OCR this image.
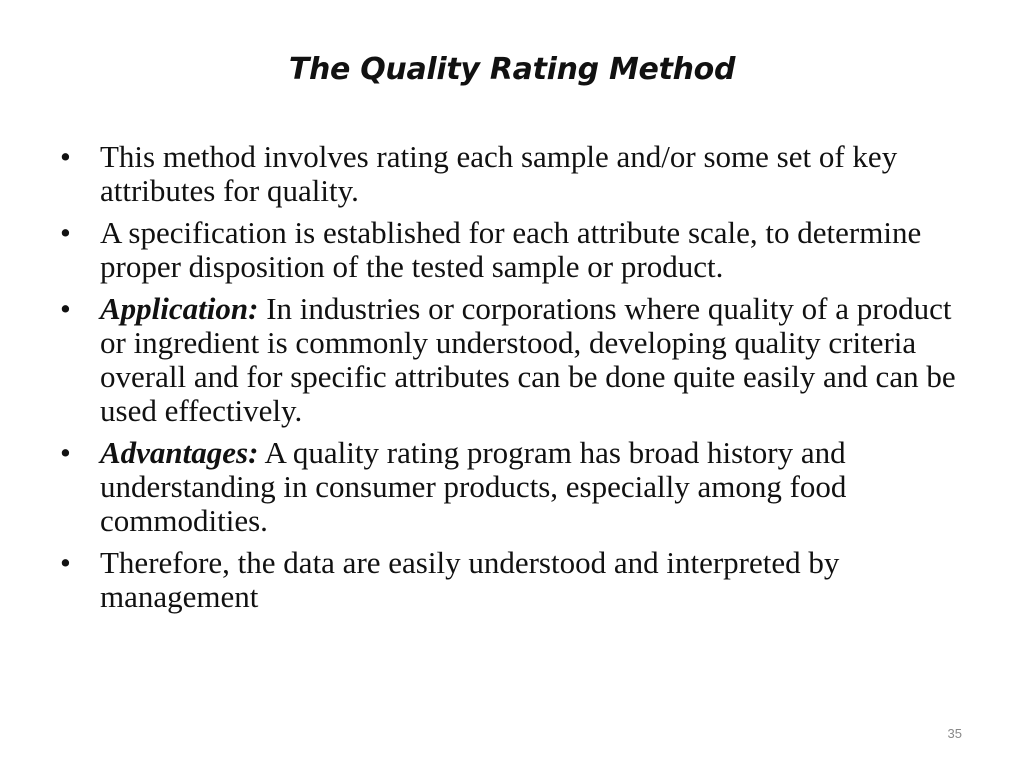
The Quality Rating Method
• This method involves rating each sample and/or some set of key attributes for quality.
• A specification is established for each attribute scale, to determine proper disposition of the tested sample or product.
• Application: In industries or corporations where quality of a product or ingredient is commonly understood, developing quality criteria overall and for specific attributes can be done quite easily and can be used effectively.
• Advantages: A quality rating program has broad history and understanding in consumer products, especially among food commodities.
• Therefore, the data are easily understood and interpreted by management
35
